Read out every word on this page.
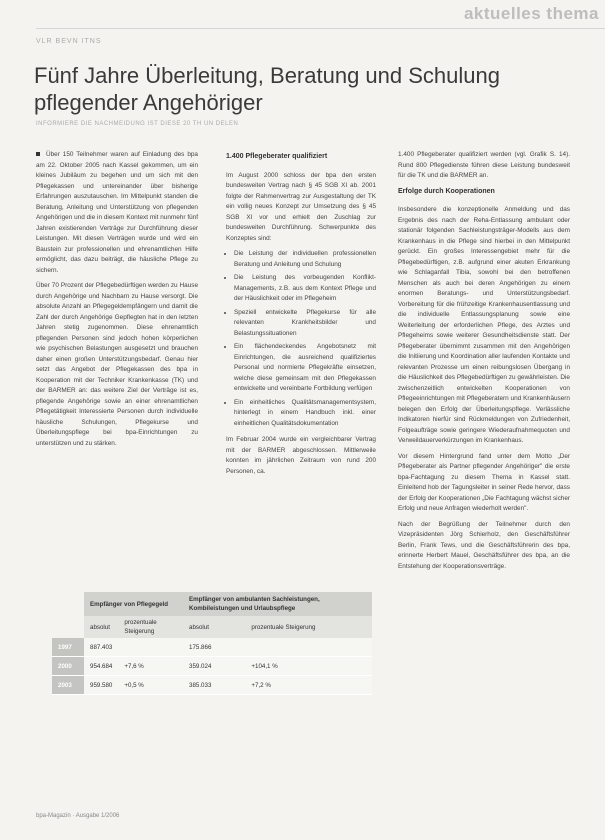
aktuelles thema
VLR BEVN ITNS
Fünf Jahre Überleitung, Beratung und Schulung pflegender Angehöriger
INFORMIERE DIE NACHMEIDUNG IST DIESE 20 TH UN DELEN

Über 150 Teilnehmer waren auf Einladung des bpa am 22. Oktober 2005 nach Kassel gekommen, um ein kleines Jubiläum zu begehen und um sich mit den Pflegekassen und untereinander über bisherige Erfahrungen auszutauschen. Im Mittelpunkt standen die Beratung, Anleitung und Unterstützung von pflegenden Angehörigen und die in diesem Kontext mit nunmehr fünf Jahren existierenden Verträge zur Durchführung dieser Leistungen. Mit diesen Verträgen wurde und wird ein Baustein zur professionellen und ehrenamtlichen Hilfe ermöglicht, das dazu beiträgt, die häusliche Pflege zu sichern.

Über 70 Prozent der Pflegebedürftigen werden zu Hause durch Angehörige und Nachbarn zu Hause versorgt. Die absolute Anzahl an Pflegegeldempfängern und damit die Zahl der durch Angehörige Gepflegten hat in den letzten Jahren stetig zugenommen. Diese ehrenamtlich pflegenden Personen sind jedoch hohen körperlichen wie psychischen Belastungen ausgesetzt und brauchen daher einen großen Unterstützungsbedarf. Genau hier setzt das Angebot der Pflegekassen des bpa in Kooperation mit der Techniker Krankenkasse (TK) und der BARMER an: das weitere Ziel der Verträge ist es, pflegende Angehörige sowie an einer ehrenamtlichen Pflegetätigkeit Interessierte Personen durch individuelle häusliche Schulungen, Pflegekurse und Überleitungspflege bei bpa-Einrichtungen zu unterstützen und zu stärken.

1.400 Pflegeberater qualifiziert

Im August 2000 schloss der bpa den ersten bundesweiten Vertrag nach § 45 SGB XI ab. 2001 folgte der Rahmenvertrag zur Ausgestaltung der TK ein vollig neues Konzept zur Umsetzung des § 45 SGB XI vor und erhielt den Zuschlag zur bundesweiten Durchführung. Schwerpunkte des Konzeptes sind:

• Die Leistung der individuellen professionellen Beratung und Anleitung und Schulung
• Die Leistung des vorbeugenden Konflikt-Managements, z.B. aus dem Kontext Pflege und der Häuslichkeit oder im Pflegeheim
• Speziell entwickelte Pflegekurse für alle relevanten Krankheitsbilder und Belastungssituationen
• Ein flächendeckendes Angebotsnetz mit Einrichtungen, die ausreichend qualifiziertes Personal und normierte Pflegekräfte einsetzen, welche diese gemeinsam mit den Pflegekassen entwickelte und vereinbarte Fortbildung verfügen
• Ein einheitliches Qualitätsmanagementsystem, hinterlegt in einem Handbuch inkl. einer einheitlichen Qualitätsdokumentation

Im Februar 2004 wurde ein vergleichbarer Vertrag mit der BARMER abgeschlossen. Mittlerweile konnten im jährlichen Zeitraum von rund 200 Personen, ca.

1.400 Pflegeberater qualifiziert werden (vgl. Grafik S. 14). Rund 800 Pflegedienste führen diese Leistung bundesweit für die TK und die BARMER an.

Erfolge durch Kooperationen

Insbesondere die konzeptionelle Anmeldung und das Ergebnis des nach der Reha-Entlassung ambulant oder stationär folgenden Sachleistungsträger-Modells aus dem Krankenhaus in die Pflege sind hierbei in den Mittelpunkt gerückt. Ein großes Interessengebiet mehr für die Pflegebedürftigen, z.B. aufgrund einer akuten Erkrankung wie Schlaganfall Tibia, sowohl bei den betroffenen Menschen als auch bei deren Angehörigen zu einem enormen Beratungs- und Unterstützungsbedarf. Vorbereitung für die frühzeitige Krankenhausentlassung und die individuelle Entlassungsplanung sowie eine Weiterleitung der erforderlichen Pflege, des Arztes und Pflegeheims sowie weiterer Gesundheitsdienste statt. Der Pflegeberater übernimmt zusammen mit den Angehörigen die Initiierung und Koordination aller laufenden Kontakte und relevanten Prozesse um einen reibungslosen Übergang in die Häuslichkeit des Pflegebedürftigen zu gewährleisten. Die zwischenzeitlich entwickelten Kooperationen von Pflegeeinrichtungen mit Pflegeberatern und Krankenhäusern belegen den Erfolg der Überleitungspflege. Verlässliche Indikatoren hierfür sind Rückmeldungen von Zufriedenheit, Folgeaufträge sowie geringere Wiederaufnahmequoten und Verweildauerverkürzungen im Krankenhaus.

Vor diesem Hintergrund fand unter dem Motto „Der Pflegeberater als Partner pflegender Angehöriger" die erste bpa-Fachtagung zu diesem Thema in Kassel statt. Einleitend hob der Tagungsleiter in seiner Rede hervor, dass der Erfolg der Kooperationen „Die Fachtagung wächst sicher Erfolg und neue Anfragen wiederholt werden".

Nach der Begrüßung der Teilnehmer durch den Vizepräsidenten Jörg Schierholz, den Geschäftsführer Berlin, Frank Tews, und die Geschäftsführerin des bpa, erinnerte Herbert Mauel, Geschäftsführer des bpa, an die Entstehung der Kooperationsverträge.

	Empfänger von Pflegegeld		Empfänger von ambulanten Sachleistungen, Kombileistungen und Urlaubspflege	
	absolut	prozentuale Steigerung	absolut	prozentuale Steigerung
1997	887.403		175.866	
2000	954.684	+7,6 %	359.024	+104,1 %
2003	959.580	+0,5 %	385.033	+7,2 %
bpa-Magazin · Ausgabe 1/2006
